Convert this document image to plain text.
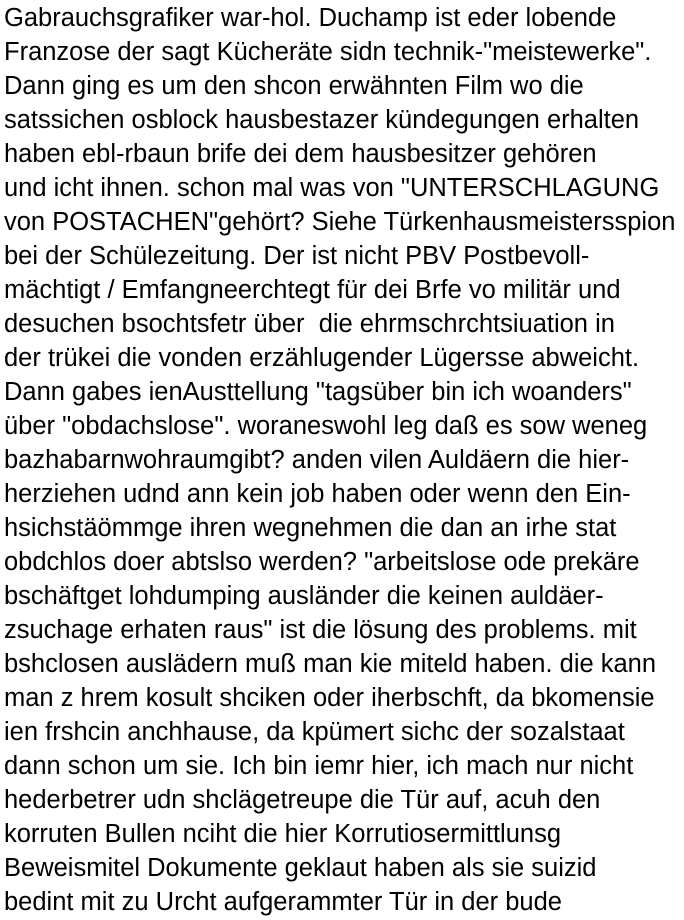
Gabrauchsgrafiker war-hol. Duchamp ist eder lobende
Franzose der sagt Kücheräte sidn technik-"meistewerke".
Dann ging es um den shcon erwähnten Film wo die
satssichen osblock hausbestazer kündegungen erhalten
haben ebl-rbaun brife dei dem hausbesitzer gehören
und icht ihnen. schon mal was von "UNTERSCHLAGUNG
von POSTACHEN"gehört? Siehe Türkenhausmeistersspion
bei der Schülezeitung. Der ist nicht PBV Postbevoll-
mächtigt / Emfangneerchtegt für dei Brfe vo militär und
desuchen bsochtsfetr über  die ehrmschrchtsiuation in
der trükei die vonden erzählugender Lügersse abweicht.
Dann gabes ienAusttellung "tagsüber bin ich woanders"
über "obdachslose". woraneswohl leg daß es sow weneg
bazhabarnwohraumgibt? anden vilen Auldäern die hier-
herziehen udnd ann kein job haben oder wenn den Ein-
hsichstäömmge ihren wegnehmen die dan an irhe stat
obdchlos doer abtslso werden? "arbeitslose ode prekäre
bschäftget lohdumping ausländer die keinen auldäer-
zsuchage erhaten raus" ist die lösung des problems. mit
bshclosen auslädern muß man kie miteld haben. die kann
man z hrem kosult shciken oder iherbschft, da bkomensie
ien frshcin anchhause, da kpümert sichc der sozalstaat
dann schon um sie. Ich bin iemr hier, ich mach nur nicht
hederbetrer udn shclägetreupe die Tür auf, acuh den
korruten Bullen nciht die hier Korrutiosermittlunsg
Beweismitel Dokumente geklaut haben als sie suizid
bedint mit zu Urcht aufgerammter Tür in der bude
